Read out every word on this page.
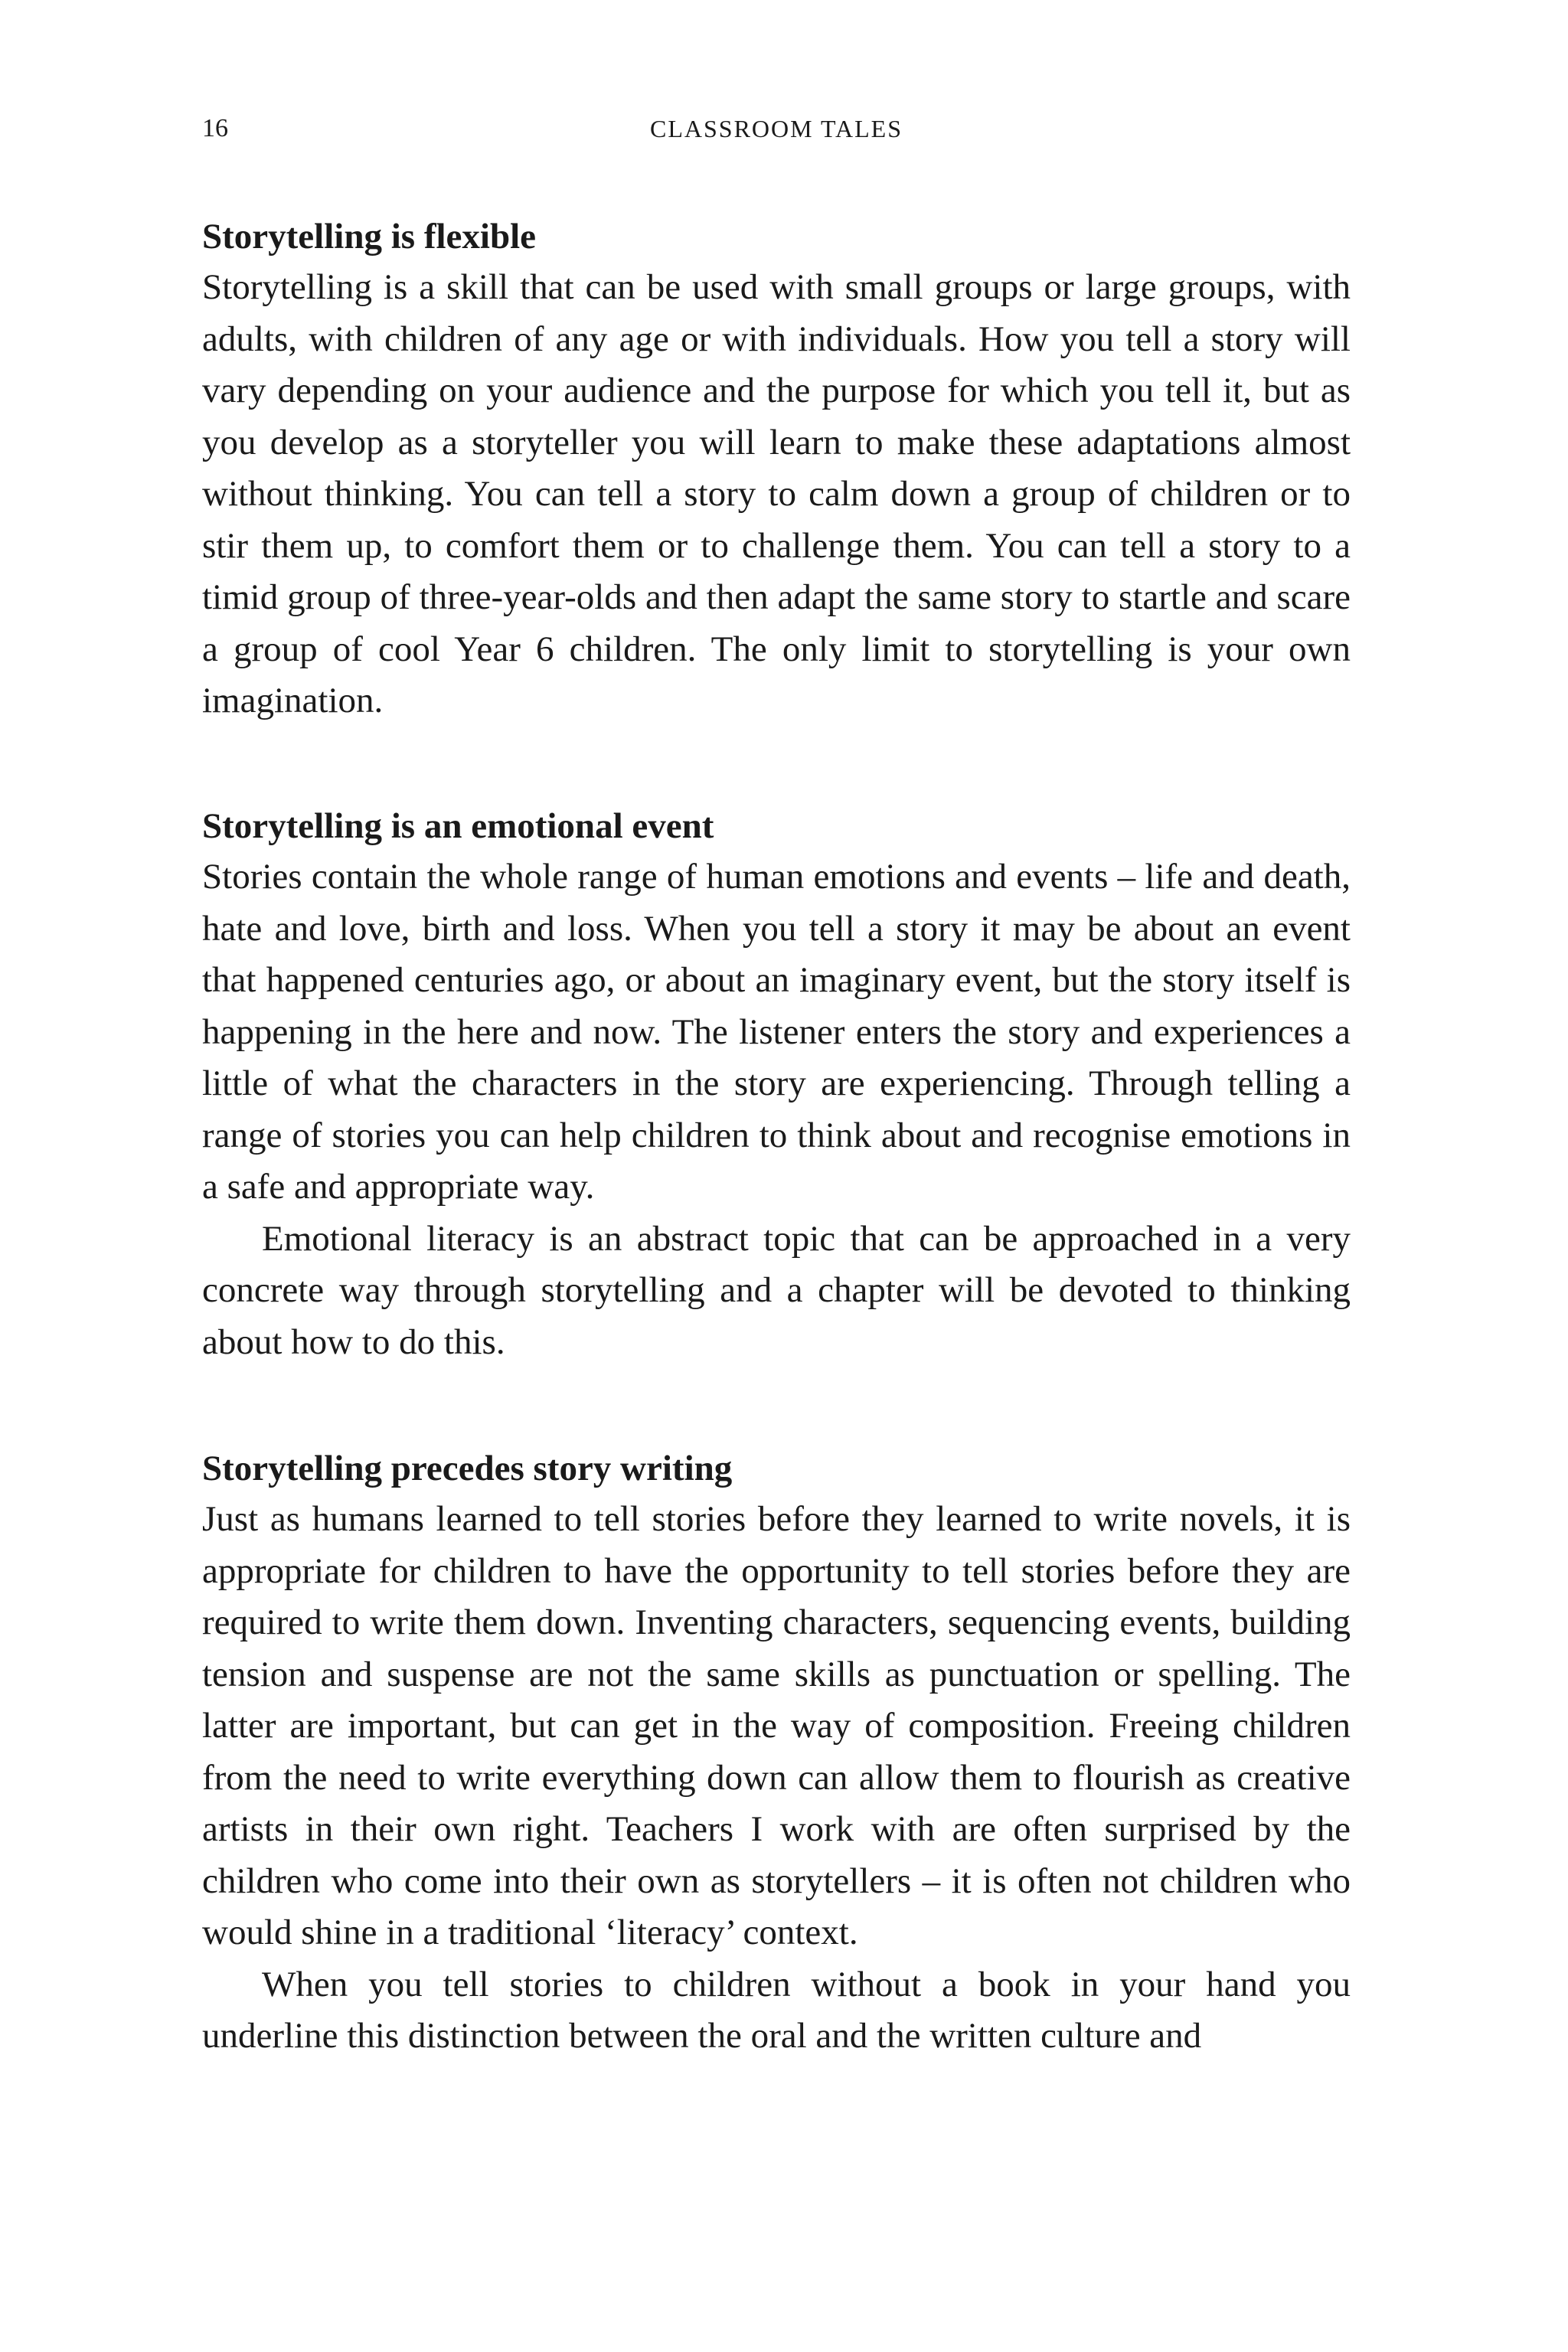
16	CLASSROOM TALES
Storytelling is flexible

Storytelling is a skill that can be used with small groups or large groups, with adults, with children of any age or with individuals. How you tell a story will vary depending on your audience and the purpose for which you tell it, but as you develop as a storyteller you will learn to make these adaptations almost without thinking. You can tell a story to calm down a group of children or to stir them up, to comfort them or to challenge them. You can tell a story to a timid group of three-year-olds and then adapt the same story to startle and scare a group of cool Year 6 children. The only limit to storytelling is your own imagination.

Storytelling is an emotional event

Stories contain the whole range of human emotions and events – life and death, hate and love, birth and loss. When you tell a story it may be about an event that happened centuries ago, or about an imaginary event, but the story itself is happening in the here and now. The listener enters the story and experiences a little of what the characters in the story are experiencing. Through telling a range of stories you can help children to think about and recognise emotions in a safe and appropriate way.

Emotional literacy is an abstract topic that can be approached in a very concrete way through storytelling and a chapter will be devoted to thinking about how to do this.

Storytelling precedes story writing

Just as humans learned to tell stories before they learned to write novels, it is appropriate for children to have the opportunity to tell stories before they are required to write them down. Inventing characters, sequencing events, building tension and suspense are not the same skills as punctuation or spelling. The latter are important, but can get in the way of composition. Freeing children from the need to write everything down can allow them to flourish as creative artists in their own right. Teachers I work with are often surprised by the children who come into their own as storytellers – it is often not children who would shine in a traditional ‘literacy’ context.

When you tell stories to children without a book in your hand you underline this distinction between the oral and the written culture and
